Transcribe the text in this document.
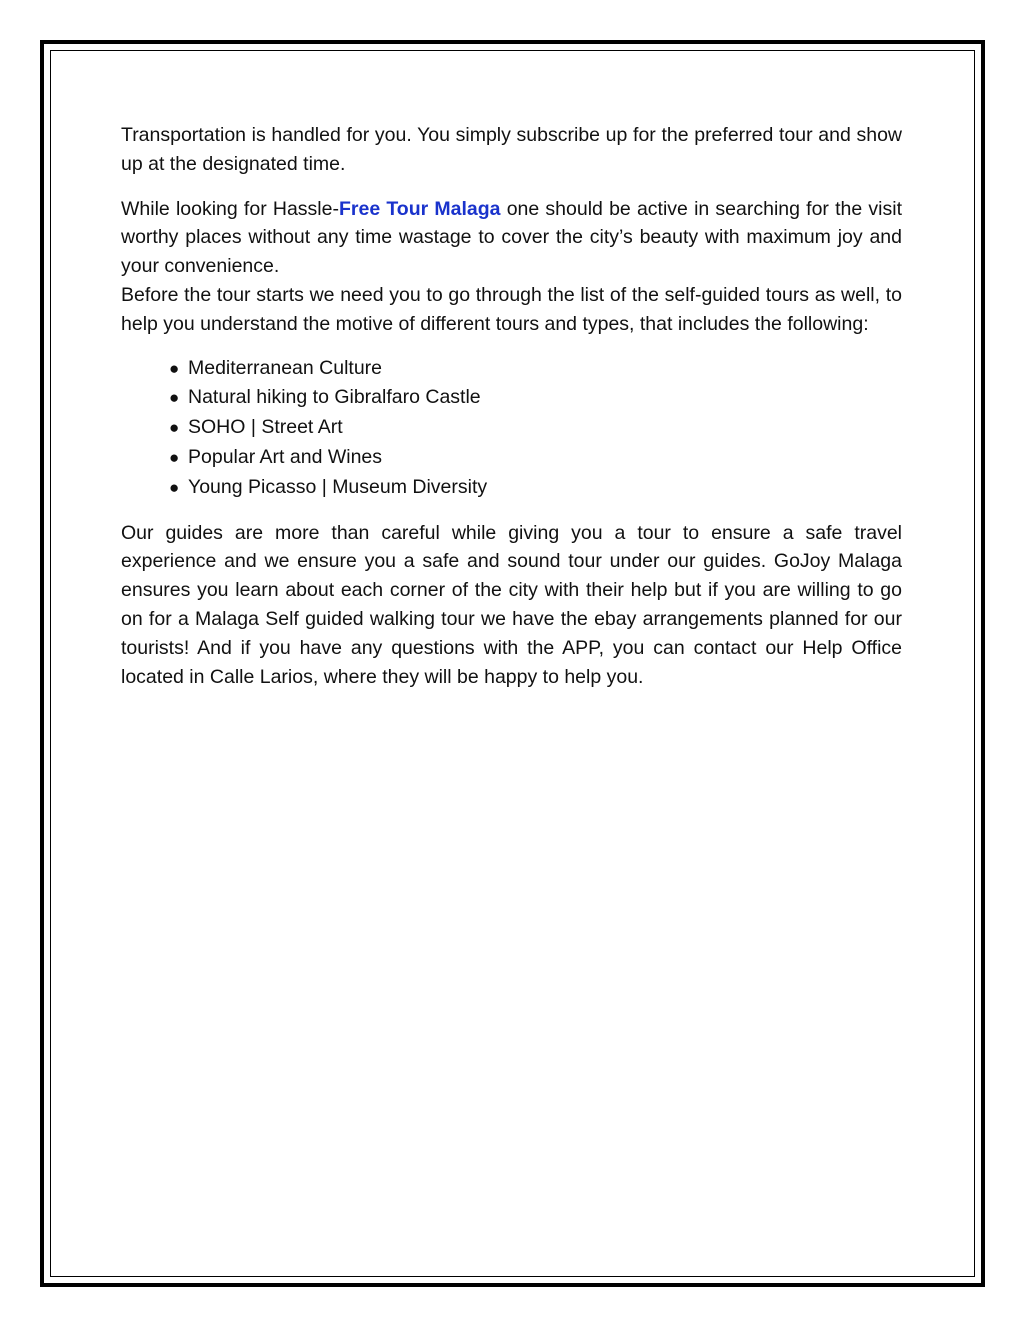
Transportation is handled for you. You simply subscribe up for the preferred tour and show up at the designated time.

While looking for Hassle-Free Tour Malaga one should be active in searching for the visit worthy places without any time wastage to cover the city’s beauty with maximum joy and your convenience.

Before the tour starts we need you to go through the list of the self-guided tours as well, to help you understand the motive of different tours and types, that includes the following:

● Mediterranean Culture
● Natural hiking to Gibralfaro Castle
● SOHO | Street Art
● Popular Art and Wines
● Young Picasso | Museum Diversity

Our guides are more than careful while giving you a tour to ensure a safe travel experience and we ensure you a safe and sound tour under our guides. GoJoy Malaga ensures you learn about each corner of the city with their help but if you are willing to go on for a Malaga Self guided walking tour we have the ebay arrangements planned for our tourists! And if you have any questions with the APP, you can contact our Help Office located in Calle Larios, where they will be happy to help you.
